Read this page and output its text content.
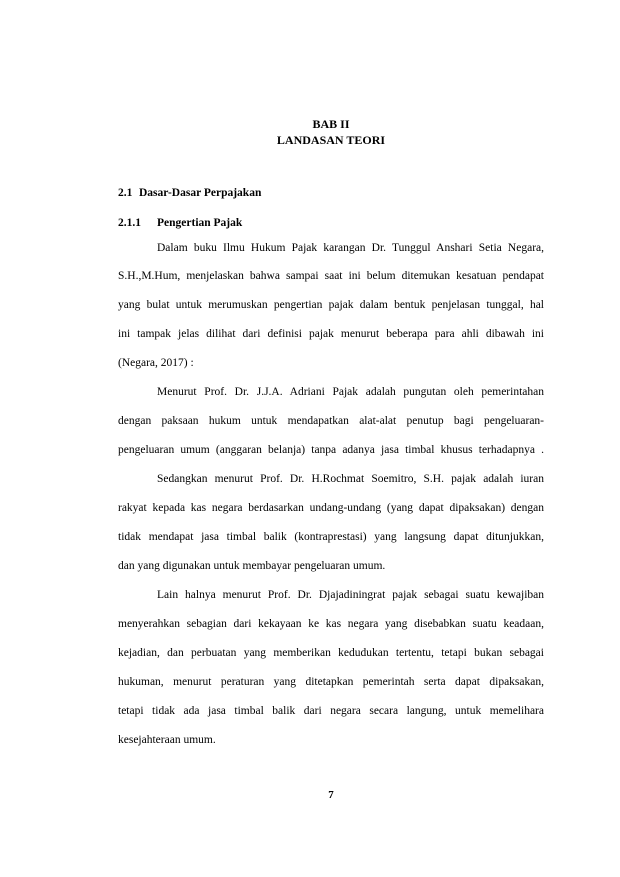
BAB II
LANDASAN TEORI
2.1 Dasar-Dasar Perpajakan
2.1.1 Pengertian Pajak
Dalam buku Ilmu Hukum Pajak karangan Dr. Tunggul Anshari Setia Negara,
S.H.,M.Hum, menjelaskan bahwa sampai saat ini belum ditemukan kesatuan pendapat
yang bulat untuk merumuskan pengertian pajak dalam bentuk penjelasan tunggal, hal
ini tampak jelas dilihat dari definisi pajak menurut beberapa para ahli dibawah ini
(Negara, 2017) :
Menurut Prof. Dr. J.J.A. Adriani Pajak adalah pungutan oleh pemerintahan
dengan paksaan hukum untuk mendapatkan alat-alat penutup bagi pengeluaran-
pengeluaran umum (anggaran belanja) tanpa adanya jasa timbal khusus terhadapnya .
Sedangkan menurut Prof. Dr. H.Rochmat Soemitro, S.H. pajak adalah iuran
rakyat kepada kas negara berdasarkan undang-undang (yang dapat dipaksakan) dengan
tidak mendapat jasa timbal balik (kontraprestasi) yang langsung dapat ditunjukkan,
dan yang digunakan untuk membayar pengeluaran umum.
Lain halnya menurut Prof. Dr. Djajadiningrat pajak sebagai suatu kewajiban
menyerahkan sebagian dari kekayaan ke kas negara yang disebabkan suatu keadaan,
kejadian, dan perbuatan yang memberikan kedudukan tertentu, tetapi bukan sebagai
hukuman, menurut peraturan yang ditetapkan pemerintah serta dapat dipaksakan,
tetapi tidak ada jasa timbal balik dari negara secara langung, untuk memelihara
kesejahteraan umum.
7
